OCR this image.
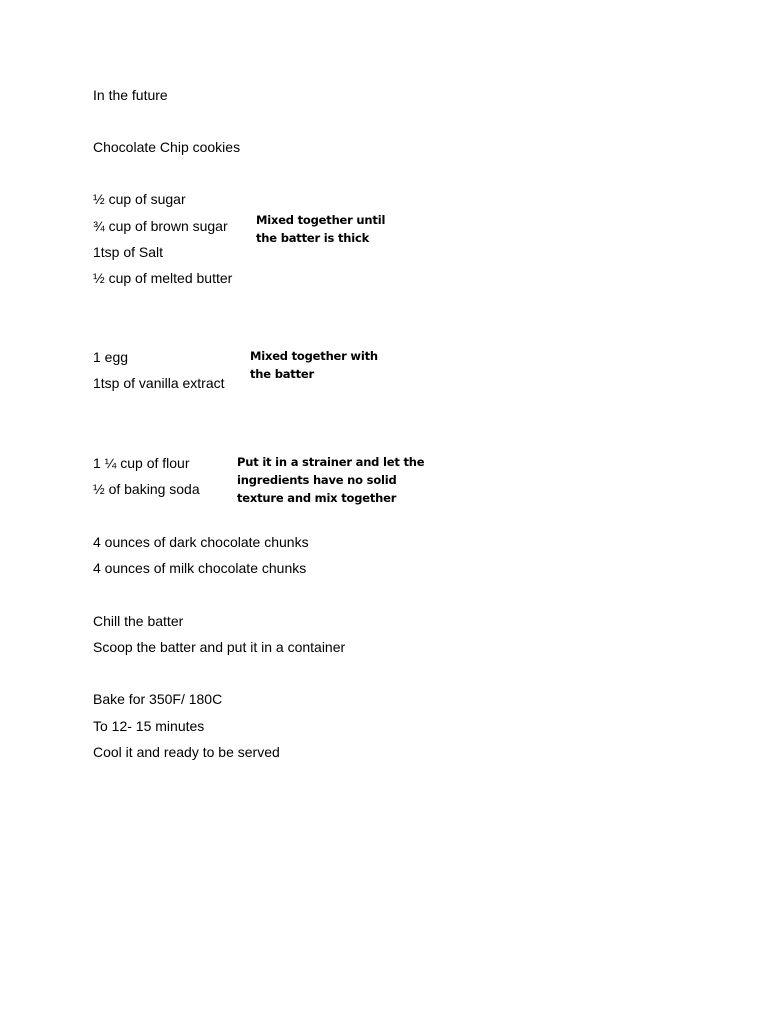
In the future
Chocolate Chip cookies
½ cup of sugar
¾ cup of brown sugar
1tsp of Salt
½ cup of melted butter
Mixed together until
the batter is thick
1 egg
1tsp of vanilla extract
Mixed together with
the batter
1 ¼ cup of flour
½ of baking soda
Put it in a strainer and let the
ingredients have no solid
texture and mix together
4 ounces of dark chocolate chunks
4 ounces of milk chocolate chunks
Chill the batter
Scoop the batter and put it in a container
Bake for 350F/ 180C
To 12- 15 minutes
Cool it and ready to be served
